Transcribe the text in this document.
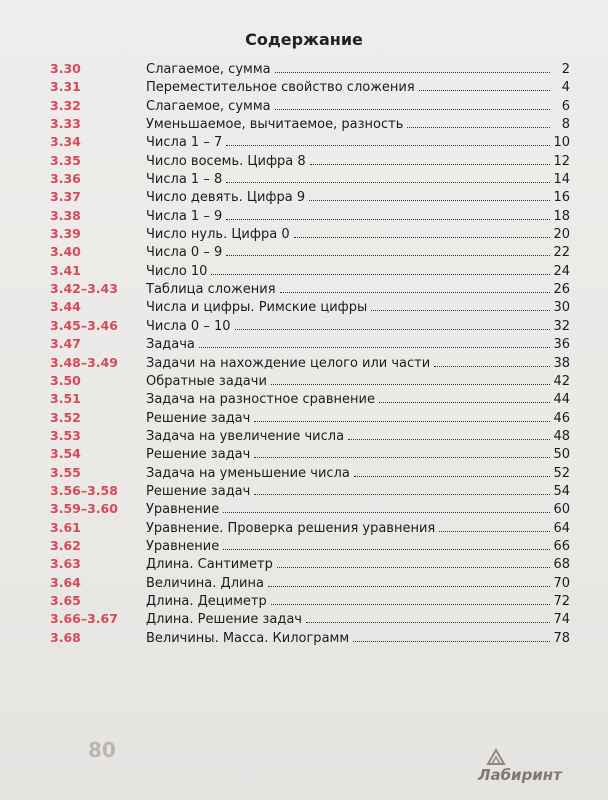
Содержание
3.30	Слагаемое, сумма	2
3.31	Переместительное свойство сложения	4
3.32	Слагаемое, сумма	6
3.33	Уменьшаемое, вычитаемое, разность	8
3.34	Числа 1 – 7	10
3.35	Число восемь. Цифра 8	12
3.36	Числа 1 – 8	14
3.37	Число девять. Цифра 9	16
3.38	Числа 1 – 9	18
3.39	Число нуль. Цифра 0	20
3.40	Числа 0 – 9	22
3.41	Число 10	24
3.42–3.43	Таблица сложения	26
3.44	Числа и цифры. Римские цифры	30
3.45–3.46	Числа 0 – 10	32
3.47	Задача	36
3.48–3.49	Задачи на нахождение целого или части	38
3.50	Обратные задачи	42
3.51	Задача на разностное сравнение	44
3.52	Решение задач	46
3.53	Задача на увеличение числа	48
3.54	Решение задач	50
3.55	Задача на уменьшение числа	52
3.56–3.58	Решение задач	54
3.59–3.60	Уравнение	60
3.61	Уравнение. Проверка решения уравнения	64
3.62	Уравнение	66
3.63	Длина. Сантиметр	68
3.64	Величина. Длина	70
3.65	Длина. Дециметр	72
3.66–3.67	Длина. Решение задач	74
3.68	Величины. Масса. Килограмм	78
80
Лабиринт
